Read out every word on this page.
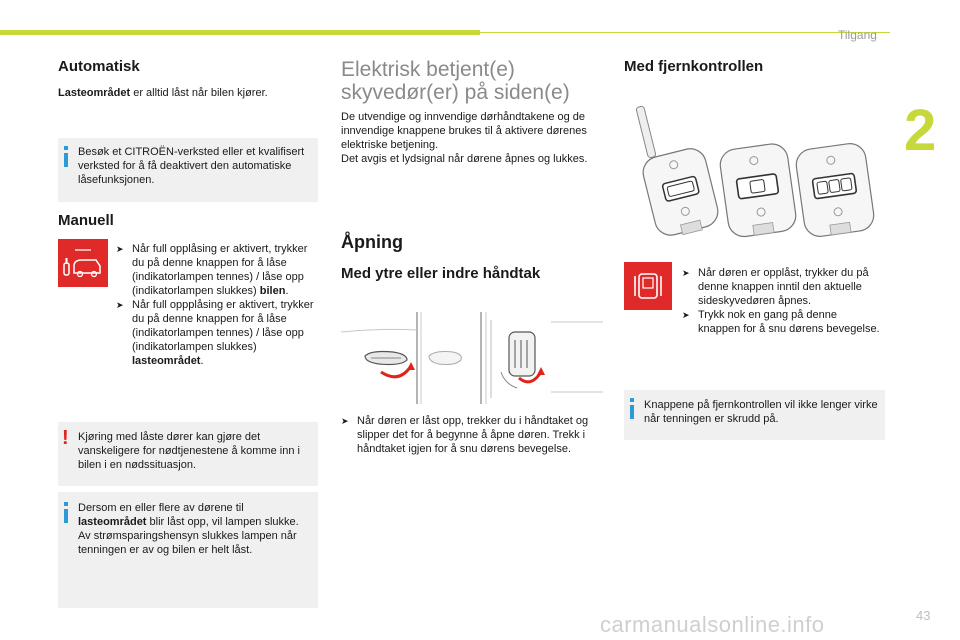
Tilgang
2
43
carmanualsonline.info
Automatisk

Lasteområdet er alltid låst når bilen kjører.

Besøk et CITROËN-verksted eller et kvalifisert verksted for å få deaktivert den automatiske låsefunksjonen.
Manuell
➤ Når full opplåsing er aktivert, trykker du på denne knappen for å låse (indikatorlampen tennes) / låse opp (indikatorlampen slukkes) bilen.
➤ Når full oppplåsing er aktivert, trykker du på denne knappen for å låse (indikatorlampen tennes) / låse opp (indikatorlampen slukkes) lasteområdet.
! Kjøring med låste dører kan gjøre det vanskeligere for nødtjenestene å komme inn i bilen i en nødssituasjon.
Dersom en eller flere av dørene til lasteområdet blir låst opp, vil lampen slukke.
Av strømsparingshensyn slukkes lampen når tenningen er av og bilen er helt låst.
Elektrisk betjent(e)
skyvedør(er) på siden(e)

De utvendige og innvendige dørhåndtakene og de innvendige knappene brukes til å aktivere dørenes elektriske betjening.

Det avgis et lydsignal når dørene åpnes og lukkes.

Åpning
Med ytre eller indre håndtak
➤ Når døren er låst opp, trekker du i håndtaket og slipper det for å begynne å åpne døren. Trekk i håndtaket igjen for å snu dørens bevegelse.
Med fjernkontrollen
➤ Når døren er opplåst, trykker du på denne knappen inntil den aktuelle sideskyvedøren åpnes.
➤ Trykk nok en gang på denne knappen for å snu dørens bevegelse.
Knappene på fjernkontrollen vil ikke lenger virke når tenningen er skrudd på.
